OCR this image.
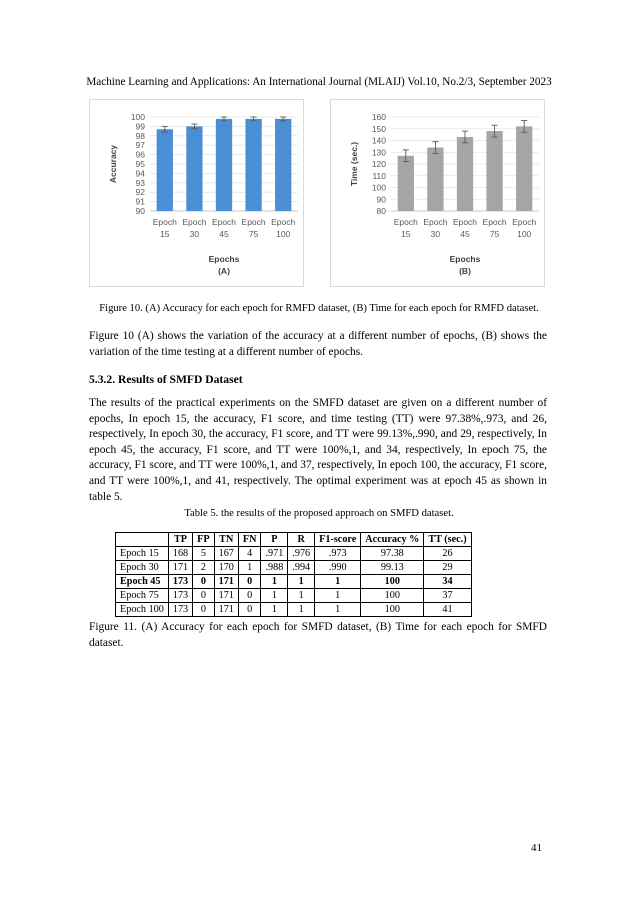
Machine Learning and Applications: An International Journal (MLAIJ) Vol.10, No.2/3, September 2023
90
91
92
93
94
95
96
97
98
99
100
Epoch
15
Epoch
30
Epoch
45
Epoch
75
Epoch
100
Epochs
(A)
Accuracy
80
90
100
110
120
130
140
150
160
Epoch
15
Epoch
30
Epoch
45
Epoch
75
Epoch
100
Epochs
(B)
Time (sec.)
Figure 10. (A) Accuracy for each epoch for RMFD dataset, (B) Time for each epoch for RMFD dataset.

Figure 10 (A) shows the variation of the accuracy at a different number of epochs, (B) shows the variation of the time testing at a different number of epochs.

5.3.2. Results of SMFD Dataset

The results of the practical experiments on the SMFD dataset are given on a different number of epochs, In epoch 15, the accuracy, F1 score, and time testing (TT) were 97.38%,.973, and 26, respectively, In epoch 30, the accuracy, F1 score, and TT were 99.13%,.990, and 29, respectively, In epoch 45, the accuracy, F1 score, and TT were 100%,1, and 34, respectively, In epoch 75, the accuracy, F1 score, and TT were 100%,1, and 37, respectively, In epoch 100, the accuracy, F1 score, and TT were 100%,1, and 41, respectively. The optimal experiment was at epoch 45 as shown in table 5.

Table 5. the results of the proposed approach on SMFD dataset.
	TP	FP	TN	FN	P	R	F1-score	Accuracy %	TT (sec.)
Epoch 15	168	5	167	4	.971	.976	.973	97.38	26
Epoch 30	171	2	170	1	.988	.994	.990	99.13	29
Epoch 45	173	0	171	0	1	1	1	100	34
Epoch 75	173	0	171	0	1	1	1	100	37
Epoch 100	173	0	171	0	1	1	1	100	41

Figure 11. (A) Accuracy for each epoch for SMFD dataset, (B) Time for each epoch for SMFD dataset.

41
